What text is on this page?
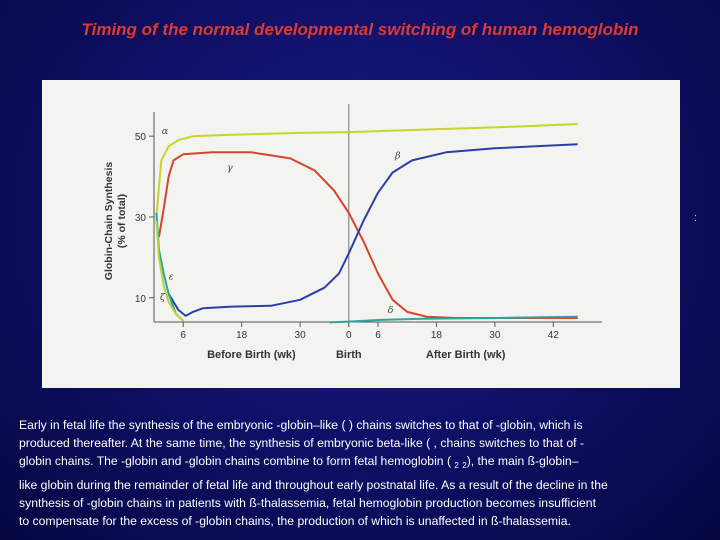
Timing of the normal developmental switching of human hemoglobin
10
30
50
6	18	30	0 6	18	30	42
Before Birth (wk)	Birth	After Birth (wk)
Globin-Chain Synthesis(% of total)
α
γ
β
ε
ζ
δ
:

Early in fetal life the synthesis of the embryonic -globin–like ( ) chains switches to that of -globin, which is

produced thereafter. At the same time, the synthesis of embryonic beta-like ( , chains switches to that of -

globin chains. The -globin and -globin chains combine to form fetal hemoglobin ( $_2$ $_2$), the main ß-globin–

like globin during the remainder of fetal life and throughout early postnatal life. As a result of the decline in the

synthesis of -globin chains in patients with ß-thalassemia, fetal hemoglobin production becomes insufficient

to compensate for the excess of -globin chains, the production of which is unaffected in ß-thalassemia.
